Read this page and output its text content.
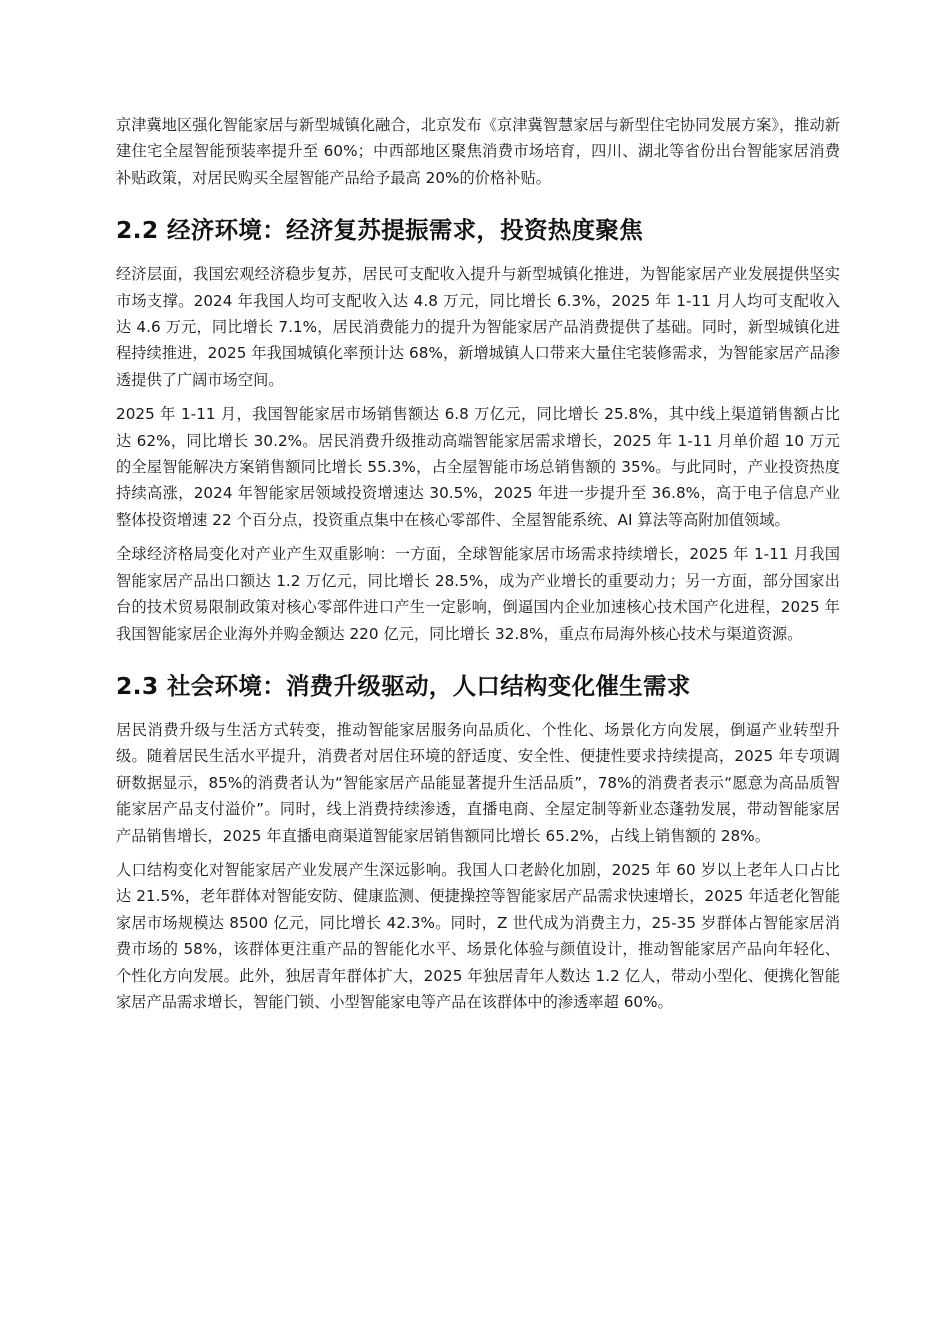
京津冀地区强化智能家居与新型城镇化融合，北京发布《京津冀智慧家居与新型住宅协同发展方案》，推动新建住宅全屋智能预装率提升至 60%；中西部地区聚焦消费市场培育，四川、湖北等省份出台智能家居消费补贴政策，对居民购买全屋智能产品给予最高 20%的价格补贴。

2.2 经济环境：经济复苏提振需求，投资热度聚焦

经济层面，我国宏观经济稳步复苏，居民可支配收入提升与新型城镇化推进，为智能家居产业发展提供坚实市场支撑。2024 年我国人均可支配收入达 4.8 万元，同比增长 6.3%，2025 年 1-11 月人均可支配收入达 4.6 万元，同比增长 7.1%，居民消费能力的提升为智能家居产品消费提供了基础。同时，新型城镇化进程持续推进，2025 年我国城镇化率预计达 68%，新增城镇人口带来大量住宅装修需求，为智能家居产品渗透提供了广阔市场空间。

2025 年 1-11 月，我国智能家居市场销售额达 6.8 万亿元，同比增长 25.8%，其中线上渠道销售额占比达 62%，同比增长 30.2%。居民消费升级推动高端智能家居需求增长，2025 年 1-11 月单价超 10 万元的全屋智能解决方案销售额同比增长 55.3%，占全屋智能市场总销售额的 35%。与此同时，产业投资热度持续高涨，2024 年智能家居领域投资增速达 30.5%，2025 年进一步提升至 36.8%，高于电子信息产业整体投资增速 22 个百分点，投资重点集中在核心零部件、全屋智能系统、AI 算法等高附加值领域。

全球经济格局变化对产业产生双重影响：一方面，全球智能家居市场需求持续增长，2025 年 1-11 月我国智能家居产品出口额达 1.2 万亿元，同比增长 28.5%，成为产业增长的重要动力；另一方面，部分国家出台的技术贸易限制政策对核心零部件进口产生一定影响，倒逼国内企业加速核心技术国产化进程，2025 年我国智能家居企业海外并购金额达 220 亿元，同比增长 32.8%，重点布局海外核心技术与渠道资源。

2.3 社会环境：消费升级驱动，人口结构变化催生需求

居民消费升级与生活方式转变，推动智能家居服务向品质化、个性化、场景化方向发展，倒逼产业转型升级。随着居民生活水平提升，消费者对居住环境的舒适度、安全性、便捷性要求持续提高，2025 年专项调研数据显示，85%的消费者认为“智能家居产品能显著提升生活品质”，78%的消费者表示“愿意为高品质智能家居产品支付溢价”。同时，线上消费持续渗透，直播电商、全屋定制等新业态蓬勃发展，带动智能家居产品销售增长，2025 年直播电商渠道智能家居销售额同比增长 65.2%，占线上销售额的 28%。

人口结构变化对智能家居产业发展产生深远影响。我国人口老龄化加剧，2025 年 60 岁以上老年人口占比达 21.5%，老年群体对智能安防、健康监测、便捷操控等智能家居产品需求快速增长，2025 年适老化智能家居市场规模达 8500 亿元，同比增长 42.3%。同时，Z 世代成为消费主力，25-35 岁群体占智能家居消费市场的 58%，该群体更注重产品的智能化水平、场景化体验与颜值设计，推动智能家居产品向年轻化、个性化方向发展。此外，独居青年群体扩大，2025 年独居青年人数达 1.2 亿人，带动小型化、便携化智能家居产品需求增长，智能门锁、小型智能家电等产品在该群体中的渗透率超 60%。
